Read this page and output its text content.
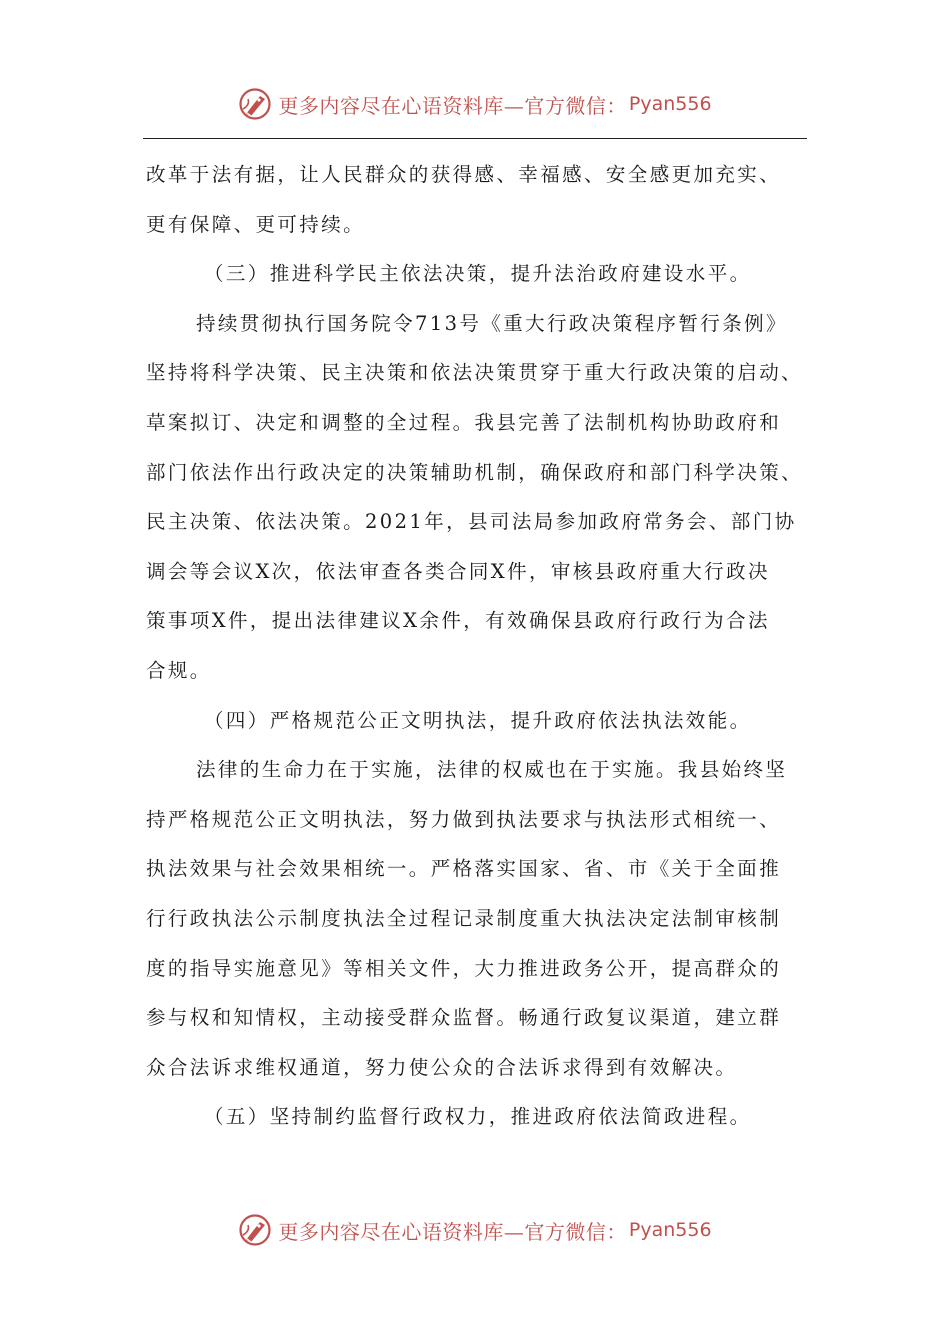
更多内容尽在心语资料库—官方微信： Pyan556
改革于法有据，让人民群众的获得感、幸福感、安全感更加充实、
更有保障、更可持续。
（三）推进科学民主依法决策，提升法治政府建设水平。
持续贯彻执行国务院令713号《重大行政决策程序暂行条例》
坚持将科学决策、民主决策和依法决策贯穿于重大行政决策的启动、
草案拟订、决定和调整的全过程。我县完善了法制机构协助政府和
部门依法作出行政决定的决策辅助机制，确保政府和部门科学决策、
民主决策、依法决策。2021年，县司法局参加政府常务会、部门协
调会等会议X次，依法审查各类合同X件，审核县政府重大行政决
策事项X件，提出法律建议X余件，有效确保县政府行政行为合法
合规。
（四）严格规范公正文明执法，提升政府依法执法效能。
法律的生命力在于实施，法律的权威也在于实施。我县始终坚
持严格规范公正文明执法，努力做到执法要求与执法形式相统一、
执法效果与社会效果相统一。严格落实国家、省、市《关于全面推
行行政执法公示制度执法全过程记录制度重大执法决定法制审核制
度的指导实施意见》等相关文件，大力推进政务公开，提高群众的
参与权和知情权，主动接受群众监督。畅通行政复议渠道，建立群
众合法诉求维权通道，努力使公众的合法诉求得到有效解决。
（五）坚持制约监督行政权力，推进政府依法简政进程。
更多内容尽在心语资料库—官方微信： Pyan556
